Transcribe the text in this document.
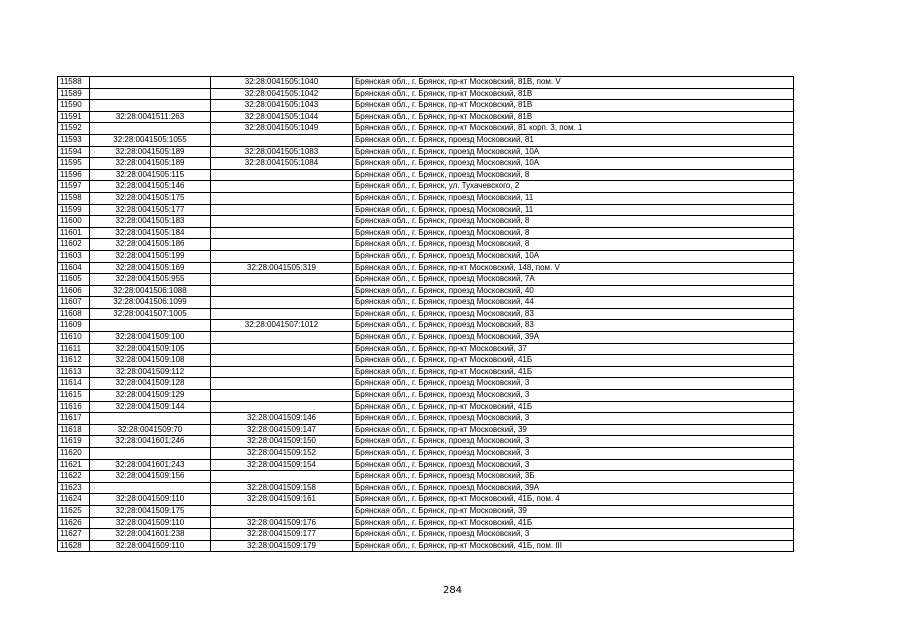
11588		32:28:0041505:1040	Брянская обл., г. Брянск, пр-кт Московский, 81В, пом. V
11589		32:28:0041505:1042	Брянская обл., г. Брянск, пр-кт Московский, 81В
11590		32:28:0041505:1043	Брянская обл., г. Брянск, пр-кт Московский, 81В
11591	32:28:0041511:263	32:28:0041505:1044	Брянская обл., г. Брянск, пр-кт Московский, 81В
11592		32:28:0041505:1049	Брянская обл., г. Брянск, пр-кт Московский, 81 корп. 3, пом. 1
11593	32:28:0041505:1055		Брянская обл., г. Брянск, проезд Московский, 81
11594	32:28:0041505:189	32:28:0041505:1083	Брянская обл., г. Брянск, проезд Московский, 10А
11595	32:28:0041505:189	32:28:0041505:1084	Брянская обл., г. Брянск, проезд Московский, 10А
11596	32:28:0041505:115		Брянская обл., г. Брянск, проезд Московский, 8
11597	32:28:0041505:146		Брянская обл., г. Брянск, ул. Тухачевского, 2
11598	32:28:0041505:175		Брянская обл., г. Брянск, проезд Московский, 11
11599	32:28:0041505:177		Брянская обл., г. Брянск, проезд Московский, 11
11600	32:28:0041505:183		Брянская обл., г. Брянск, проезд Московский, 8
11601	32:28:0041505:184		Брянская обл., г. Брянск, проезд Московский, 8
11602	32:28:0041505:186		Брянская обл., г. Брянск, проезд Московский, 8
11603	32:28:0041505:199		Брянская обл., г. Брянск, проезд Московский, 10А
11604	32:28:0041505:169	32:28:0041505:319	Брянская обл., г. Брянск, пр-кт Московский, 148, пом. V
11605	32:28:0041505:955		Брянская обл., г. Брянск, проезд Московский, 7А
11606	32:28:0041506:1088		Брянская обл., г. Брянск, проезд Московский, 40
11607	32:28:0041506:1099		Брянская обл., г. Брянск, проезд Московский, 44
11608	32:28:0041507:1005		Брянская обл., г. Брянск, проезд Московский, 83
11609		32:28:0041507:1012	Брянская обл., г. Брянск, проезд Московский, 83
11610	32:28:0041509:100		Брянская обл., г. Брянск, проезд Московский, 39А
11611	32:28:0041509:105		Брянская обл., г. Брянск, пр-кт Московский, 37
11612	32:28:0041509:108		Брянская обл., г. Брянск, пр-кт Московский, 41Б
11613	32:28:0041509:112		Брянская обл., г. Брянск, пр-кт Московский, 41Б
11614	32:28:0041509:128		Брянская обл., г. Брянск, проезд Московский, 3
11615	32:28:0041509:129		Брянская обл., г. Брянск, проезд Московский, 3
11616	32:28:0041509:144		Брянская обл., г. Брянск, пр-кт Московский, 41Б
11617		32:28:0041509:146	Брянская обл., г. Брянск, проезд Московский, 3
11618	32:28:0041509:70	32:28:0041509:147	Брянская обл., г. Брянск, пр-кт Московский, 39
11619	32:28:0041601:246	32:28:0041509:150	Брянская обл., г. Брянск, проезд Московский, 3
11620		32:28:0041509:152	Брянская обл., г. Брянск, проезд Московский, 3
11621	32:28:0041601:243	32:28:0041509:154	Брянская обл., г. Брянск, проезд Московский, 3
11622	32:28:0041509:156		Брянская обл., г. Брянск, проезд Московский, 3Б
11623		32:28:0041509:158	Брянская обл., г. Брянск, проезд Московский, 39А
11624	32:28:0041509:110	32:28:0041509:161	Брянская обл., г. Брянск, пр-кт Московский, 41Б, пом. 4
11625	32:28:0041509:175		Брянская обл., г. Брянск, пр-кт Московский, 39
11626	32:28:0041509:110	32:28:0041509:176	Брянская обл., г. Брянск, пр-кт Московский, 41Б
11627	32:28:0041601:238	32:28:0041509:177	Брянская обл., г. Брянск, проезд Московский, 3
11628	32:28:0041509:110	32:28:0041509:179	Брянская обл., г. Брянск, пр-кт Московский, 41Б, пом. III
284
